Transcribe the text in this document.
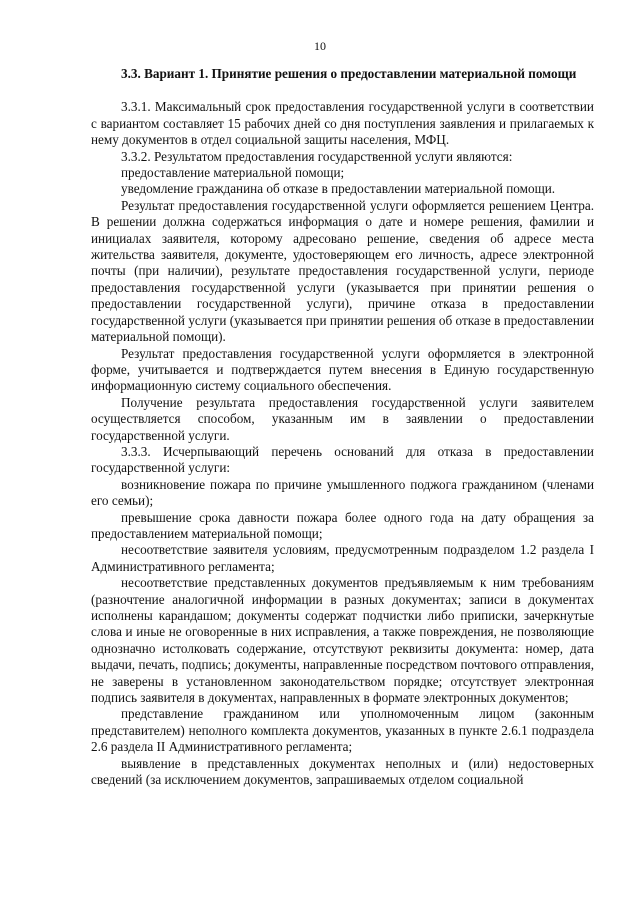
10
3.3. Вариант 1. Принятие решения о предоставлении материальной помощи
3.3.1. Максимальный срок предоставления государственной услуги в соответствии с вариантом составляет 15 рабочих дней со дня поступления заявления и прилагаемых к нему документов в отдел социальной защиты населения, МФЦ.
3.3.2. Результатом предоставления государственной услуги являются:
предоставление материальной помощи;
уведомление гражданина об отказе в предоставлении материальной помощи.
Результат предоставления государственной услуги оформляется решением Центра. В решении должна содержаться информация о дате и номере решения, фамилии и инициалах заявителя, которому адресовано решение, сведения об адресе места жительства заявителя, документе, удостоверяющем его личность, адресе электронной почты (при наличии), результате предоставления государственной услуги, периоде предоставления государственной услуги (указывается при принятии решения о предоставлении государственной услуги), причине отказа в предоставлении государственной услуги (указывается при принятии решения об отказе в предоставлении материальной помощи).
Результат предоставления государственной услуги оформляется в электронной форме, учитывается и подтверждается путем внесения в Единую государственную информационную систему социального обеспечения.
Получение результата предоставления государственной услуги заявителем осуществляется способом, указанным им в заявлении о предоставлении государственной услуги.
3.3.3. Исчерпывающий перечень оснований для отказа в предоставлении государственной услуги:
возникновение пожара по причине умышленного поджога гражданином (членами его семьи);
превышение срока давности пожара более одного года на дату обращения за предоставлением материальной помощи;
несоответствие заявителя условиям, предусмотренным подразделом 1.2 раздела I Административного регламента;
несоответствие представленных документов предъявляемым к ним требованиям (разночтение аналогичной информации в разных документах; записи в документах исполнены карандашом; документы содержат подчистки либо приписки, зачеркнутые слова и иные не оговоренные в них исправления, а также повреждения, не позволяющие однозначно истолковать содержание, отсутствуют реквизиты документа: номер, дата выдачи, печать, подпись; документы, направленные посредством почтового отправления, не заверены в установленном законодательством порядке; отсутствует электронная подпись заявителя в документах, направленных в формате электронных документов;
представление гражданином или уполномоченным лицом (законным представителем) неполного комплекта документов, указанных в пункте 2.6.1 подраздела 2.6 раздела II Административного регламента;
выявление в представленных документах неполных и (или) недостоверных сведений (за исключением документов, запрашиваемых отделом социальной
